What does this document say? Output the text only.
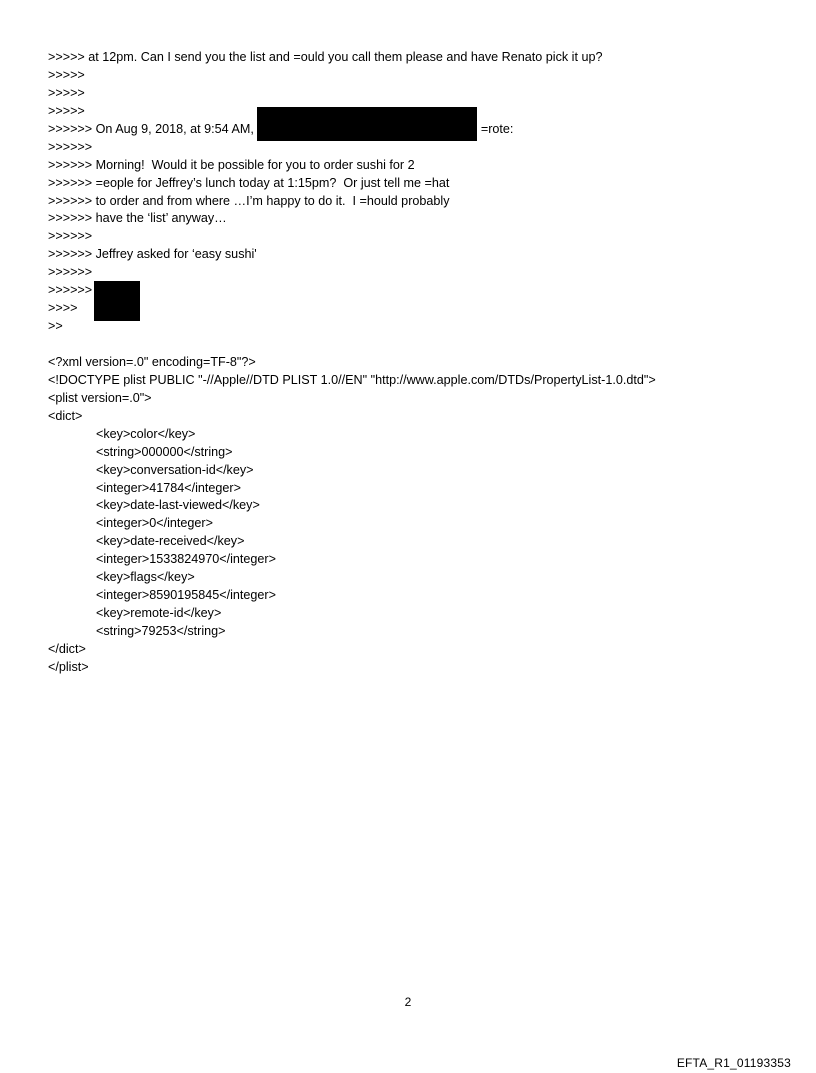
>>>>> at 12pm. Can I send you the list and =ould you call them please and have Renato pick it up?
>>>>>
>>>>>
>>>>>
>>>>>> On Aug 9, 2018, at 9:54 AM,	=rote:
>>>>>>
>>>>>> Morning!  Would it be possible for you to order sushi for 2
>>>>>> =eople for Jeffrey’s lunch today at 1:15pm?  Or just tell me =hat
>>>>>> to order and from where …I’m happy to do it.  I =hould probably
>>>>>> have the ‘list’ anyway…
>>>>>>
>>>>>> Jeffrey asked for ‘easy sushi'
>>>>>>
>>>>>>
>>>>
>>
<?xml version=.0" encoding=TF-8"?>
<!DOCTYPE plist PUBLIC "-//Apple//DTD PLIST 1.0//EN" "http://www.apple.com/DTDs/PropertyList-1.0.dtd">
<plist version=.0">
<dict>
<key>color</key>
<string>000000</string>
<key>conversation-id</key>
<integer>41784</integer>
<key>date-last-viewed</key>
<integer>0</integer>
<key>date-received</key>
<integer>1533824970</integer>
<key>flags</key>
<integer>8590195845</integer>
<key>remote-id</key>
<string>79253</string>
</dict>
</plist>
2
EFTA_R1_01193353
